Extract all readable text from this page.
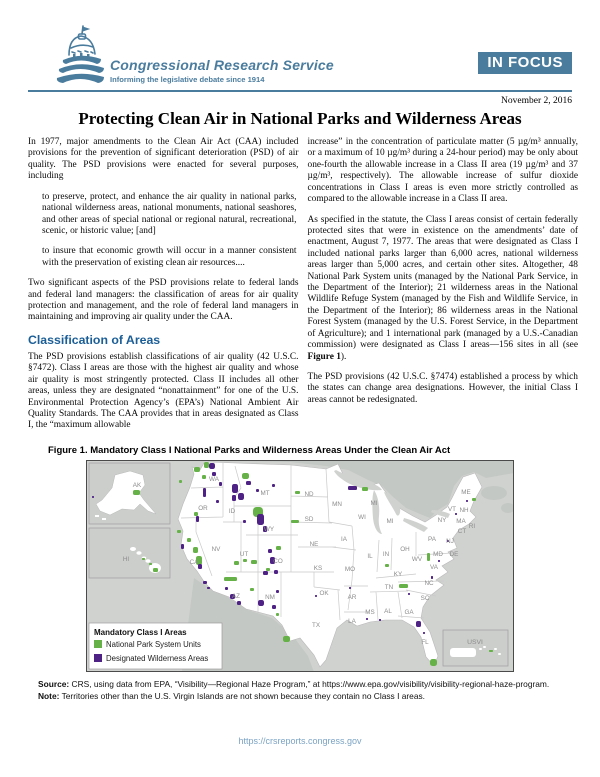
Congressional Research Service
Informing the legislative debate since 1914
IN FOCUS
November 2, 2016
Protecting Clean Air in National Parks and Wilderness Areas

In 1977, major amendments to the Clean Air Act (CAA) included provisions for the prevention of significant deterioration (PSD) of air quality. The PSD provisions were enacted for several purposes, including

to preserve, protect, and enhance the air quality in national parks, national wilderness areas, national monuments, national seashores, and other areas of special national or regional natural, recreational, scenic, or historic value; [and]

to insure that economic growth will occur in a manner consistent with the preservation of existing clean air resources....

Two significant aspects of the PSD provisions relate to federal lands and federal land managers: the classification of areas for air quality protection and management, and the role of federal land managers in maintaining and improving air quality under the CAA.

Classification of Areas

The PSD provisions establish classifications of air quality (42 U.S.C. §7472). Class I areas are those with the highest air quality and whose air quality is most stringently protected. Class II includes all other areas, unless they are designated “nonattainment” for one of the U.S. Environmental Protection Agency’s (EPA’s) National Ambient Air Quality Standards. The CAA provides that in areas designated as Class I, the “maximum allowable

increase” in the concentration of particulate matter (5 µg/m³ annually, or a maximum of 10 µg/m³ during a 24-hour period) may be only about one-fourth the allowable increase in a Class II area (19 µg/m³ and 37 µg/m³, respectively). The allowable increase of sulfur dioxide concentrations in Class I areas is even more strictly controlled as compared to the allowable increase in a Class II area.

As specified in the statute, the Class I areas consist of certain federally protected sites that were in existence on the amendments’ date of enactment, August 7, 1977. The areas that were designated as Class I included national parks larger than 6,000 acres, national wilderness areas larger than 5,000 acres, and certain other sites. Altogether, 48 National Park System units (managed by the National Park Service, in the Department of the Interior); 21 wilderness areas in the National Wildlife Refuge System (managed by the Fish and Wildlife Service, in the Department of the Interior); 86 wilderness areas in the National Forest System (managed by the U.S. Forest Service, in the Department of Agriculture); and 1 international park (managed by a U.S.-Canadian commission) were designated as Class I areas—156 sites in all (see Figure 1).

The PSD provisions (42 U.S.C. §7474) established a process by which the states can change area designations. However, the initial Class I areas cannot be redesignated.

Figure 1. Mandatory Class I National Parks and Wilderness Areas Under the Clean Air Act
AK
HI
USVI
WA
MT	ND
MN
OR	ID
SD	WI
MI
MI
WY
NY
VT NH
ME
MA
RI
CT
NE
IA
NV
UT
CA	CO
IL IN
OH
PA NJ
MD DE
WV
VA
KS	MO
KY
OK
AR
TN
NC
SC
AZ	NM
MS AL GA
LA
TX
FL
Mandatory Class I Areas
National Park System Units
Designated Wilderness Areas
Source: CRS, using data from EPA, “Visibility—Regional Haze Program,” at https://www.epa.gov/visibility/visibility-regional-haze-program.
Note: Territories other than the U.S. Virgin Islands are not shown because they contain no Class I areas.
https://crsreports.congress.gov
